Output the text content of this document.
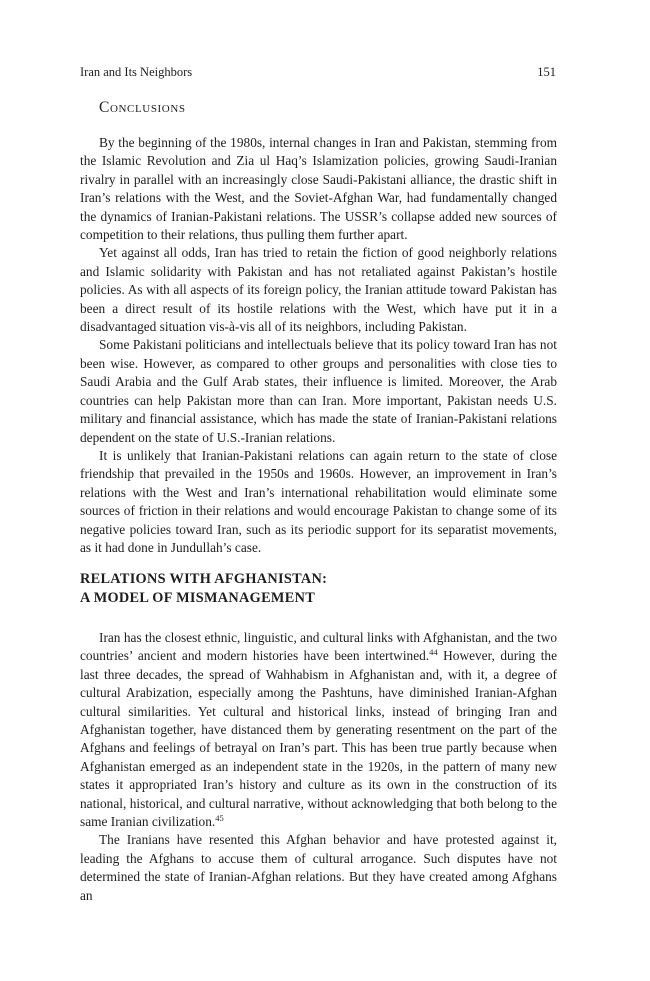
Iran and Its Neighbors	151
Conclusions

By the beginning of the 1980s, internal changes in Iran and Pakistan, stemming from the Islamic Revolution and Zia ul Haq’s Islamization policies, growing Saudi-Iranian rivalry in parallel with an increasingly close Saudi-Pakistani alliance, the drastic shift in Iran’s relations with the West, and the Soviet-Afghan War, had fundamentally changed the dynamics of Iranian-Pakistani relations. The USSR’s collapse added new sources of competition to their relations, thus pulling them further apart.

Yet against all odds, Iran has tried to retain the fiction of good neighborly relations and Islamic solidarity with Pakistan and has not retaliated against Pakistan’s hostile policies. As with all aspects of its foreign policy, the Iranian attitude toward Pakistan has been a direct result of its hostile relations with the West, which have put it in a disadvantaged situation vis-à-vis all of its neighbors, including Pakistan.

Some Pakistani politicians and intellectuals believe that its policy toward Iran has not been wise. However, as compared to other groups and personalities with close ties to Saudi Arabia and the Gulf Arab states, their influence is limited. Moreover, the Arab countries can help Pakistan more than can Iran. More important, Pakistan needs U.S. military and financial assistance, which has made the state of Iranian-Pakistani relations dependent on the state of U.S.-Iranian relations.

It is unlikely that Iranian-Pakistani relations can again return to the state of close friendship that prevailed in the 1950s and 1960s. However, an improvement in Iran’s relations with the West and Iran’s international rehabilitation would eliminate some sources of friction in their relations and would encourage Pakistan to change some of its negative policies toward Iran, such as its periodic support for its separatist movements, as it had done in Jundullah’s case.

RELATIONS WITH AFGHANISTAN:
A MODEL OF MISMANAGEMENT

Iran has the closest ethnic, linguistic, and cultural links with Afghanistan, and the two countries’ ancient and modern histories have been intertwined.$^{44}$ However, during the last three decades, the spread of Wahhabism in Afghanistan and, with it, a degree of cultural Arabization, especially among the Pashtuns, have diminished Iranian-Afghan cultural similarities. Yet cultural and historical links, instead of bringing Iran and Afghanistan together, have distanced them by generating resentment on the part of the Afghans and feelings of betrayal on Iran’s part. This has been true partly because when Afghanistan emerged as an independent state in the 1920s, in the pattern of many new states it appropriated Iran’s history and culture as its own in the construction of its national, historical, and cultural narrative, without acknowledging that both belong to the same Iranian civilization.$^{45}$

The Iranians have resented this Afghan behavior and have protested against it, leading the Afghans to accuse them of cultural arrogance. Such disputes have not determined the state of Iranian-Afghan relations. But they have created among Afghans an
